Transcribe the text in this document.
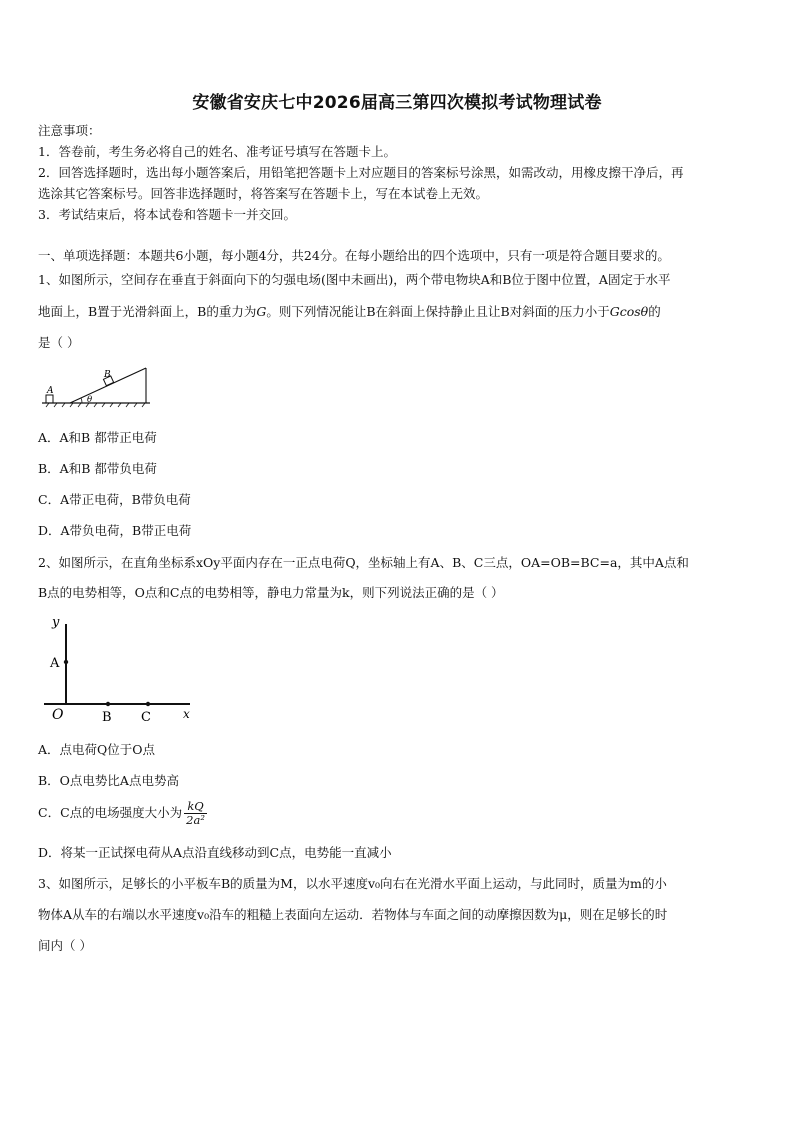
安徽省安庆七中2026届高三第四次模拟考试物理试卷
注意事项：
1．答卷前，考生务必将自己的姓名、准考证号填写在答题卡上。
2．回答选择题时，选出每小题答案后，用铅笔把答题卡上对应题目的答案标号涂黑，如需改动，用橡皮擦干净后，再
选涂其它答案标号。回答非选择题时，将答案写在答题卡上，写在本试卷上无效。
3．考试结束后，将本试卷和答题卡一并交回。
一、单项选择题：本题共6小题，每小题4分，共24分。在每小题给出的四个选项中，只有一项是符合题目要求的。
1、如图所示，空间存在垂直于斜面向下的匀强电场(图中未画出)，两个带电物块A和B位于图中位置，A固定于水平
地面上，B置于光滑斜面上，B的重力为G。则下列情况能让B在斜面上保持静止且让B对斜面的压力小于Gcosθ的
是（ ）
A
B
θ
A．A和B 都带正电荷
B．A和B 都带负电荷
C．A带正电荷，B带负电荷
D．A带负电荷，B带正电荷
2、如图所示，在直角坐标系xOy平面内存在一正点电荷Q，坐标轴上有A、B、C三点，OA=OB=BC=a，其中A点和
B点的电势相等，O点和C点的电势相等，静电力常量为k，则下列说法正确的是（ ）
y
A
O	B C	x
A．点电荷Q位于O点
B．O点电势比A点电势高
C．C点的电场强度大小为 $\frac{kQ}{\text{2a²}}$
D．将某一正试探电荷从A点沿直线移动到C点，电势能一直减小
3、如图所示，足够长的小平板车B的质量为M，以水平速度v₀向右在光滑水平面上运动，与此同时，质量为m的小
物体A从车的右端以水平速度v₀沿车的粗糙上表面向左运动．若物体与车面之间的动摩擦因数为μ，则在足够长的时
间内（ ）
